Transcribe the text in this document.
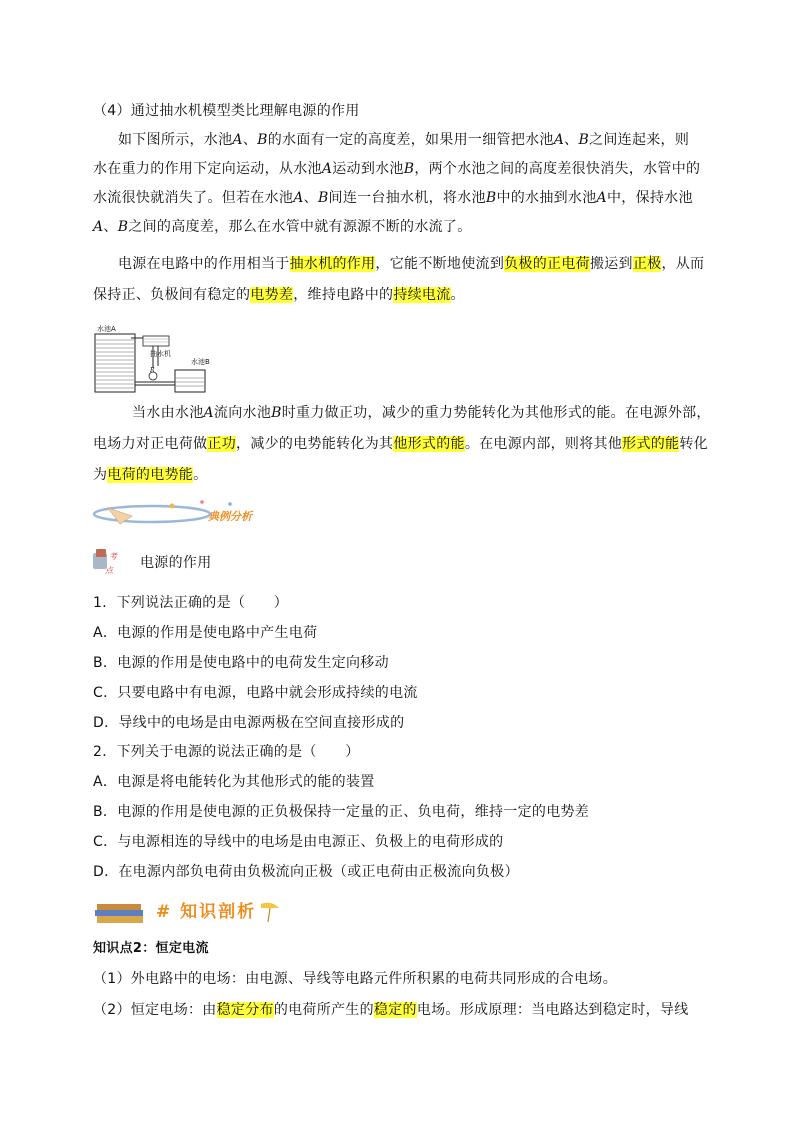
（4）通过抽水机模型类比理解电源的作用
如下图所示，水池A、B的水面有一定的高度差，如果用一细管把水池A、B之间连起来，则
水在重力的作用下定向运动，从水池A运动到水池B，两个水池之间的高度差很快消失，水管中的
水流很快就消失了。但若在水池A、B间连一台抽水机，将水池B中的水抽到水池A中，保持水池
A、B之间的高度差，那么在水管中就有源源不断的水流了。
电源在电路中的作用相当于抽水机的作用，它能不断地使流到负极的正电荷搬运到正极，从而
保持正、负极间有稳定的电势差，维持电路中的持续电流。
水池A
抽水机
R
水池B
当水由水池A流向水池B时重力做正功，减少的重力势能转化为其他形式的能。在电源外部，
电场力对正电荷做正功，减少的电势能转化为其他形式的能。在电源内部，则将其他形式的能转化
为电荷的电势能。
典例分析
考
点 电源的作用
1．下列说法正确的是（　　）
A．电源的作用是使电路中产生电荷
B．电源的作用是使电路中的电荷发生定向移动
C．只要电路中有电源，电路中就会形成持续的电流
D．导线中的电场是由电源两极在空间直接形成的
2．下列关于电源的说法正确的是（　　）
A．电源是将电能转化为其他形式的能的装置
B．电源的作用是使电源的正负极保持一定量的正、负电荷，维持一定的电势差
C．与电源相连的导线中的电场是由电源正、负极上的电荷形成的
D．在电源内部负电荷由负极流向正极（或正电荷由正极流向负极）
# 知识剖析
知识点2：恒定电流
（1）外电路中的电场：由电源、导线等电路元件所积累的电荷共同形成的合电场。
（2）恒定电场：由稳定分布的电荷所产生的稳定的电场。形成原理：当电路达到稳定时，导线
